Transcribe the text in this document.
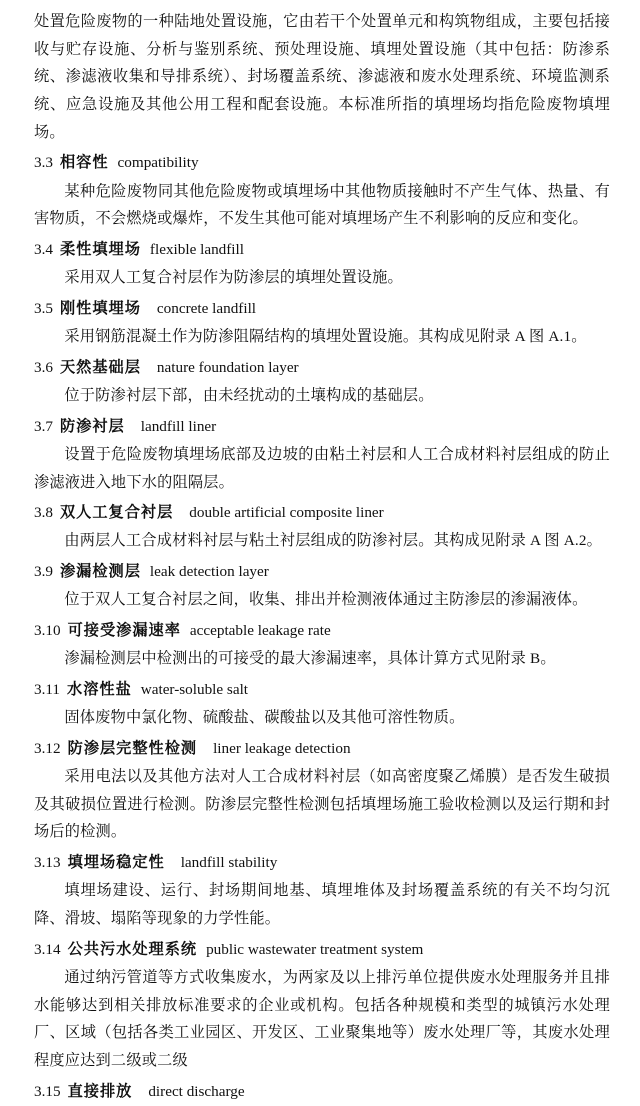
处置危险废物的一种陆地处置设施，它由若干个处置单元和构筑物组成，主要包括接收与贮存设施、分析与鉴别系统、预处理设施、填埋处置设施（其中包括：防渗系统、渗滤液收集和导排系统）、封场覆盖系统、渗滤液和废水处理系统、环境监测系统、应急设施及其他公用工程和配套设施。本标准所指的填埋场均指危险废物填埋场。

3.3 相容性 compatibility

某种危险废物同其他危险废物或填埋场中其他物质接触时不产生气体、热量、有害物质，不会燃烧或爆炸，不发生其他可能对填埋场产生不利影响的反应和变化。

3.4 柔性填埋场 flexible landfill

采用双人工复合衬层作为防渗层的填埋处置设施。

3.5 刚性填埋场 concrete landfill

采用钢筋混凝土作为防渗阻隔结构的填埋处置设施。其构成见附录 A 图 A.1。

3.6 天然基础层 nature foundation layer

位于防渗衬层下部，由未经扰动的土壤构成的基础层。

3.7 防渗衬层 landfill liner

设置于危险废物填埋场底部及边坡的由粘土衬层和人工合成材料衬层组成的防止渗滤液进入地下水的阻隔层。

3.8 双人工复合衬层 double artificial composite liner

由两层人工合成材料衬层与粘土衬层组成的防渗衬层。其构成见附录 A 图 A.2。

3.9 渗漏检测层 leak detection layer

位于双人工复合衬层之间，收集、排出并检测液体通过主防渗层的渗漏液体。

3.10 可接受渗漏速率 acceptable leakage rate

渗漏检测层中检测出的可接受的最大渗漏速率，具体计算方式见附录 B。

3.11 水溶性盐 water-soluble salt

固体废物中氯化物、硫酸盐、碳酸盐以及其他可溶性物质。

3.12 防渗层完整性检测 liner leakage detection

采用电法以及其他方法对人工合成材料衬层（如高密度聚乙烯膜）是否发生破损及其破损位置进行检测。防渗层完整性检测包括填埋场施工验收检测以及运行期和封场后的检测。

3.13 填埋场稳定性 landfill stability

填埋场建设、运行、封场期间地基、填埋堆体及封场覆盖系统的有关不均匀沉降、滑坡、塌陷等现象的力学性能。

3.14 公共污水处理系统 public wastewater treatment system

通过纳污管道等方式收集废水，为两家及以上排污单位提供废水处理服务并且排水能够达到相关排放标准要求的企业或机构。包括各种规模和类型的城镇污水处理厂、区域（包括各类工业园区、开发区、工业聚集地等）废水处理厂等，其废水处理程度应达到二级或二级

3.15 直接排放 direct discharge
